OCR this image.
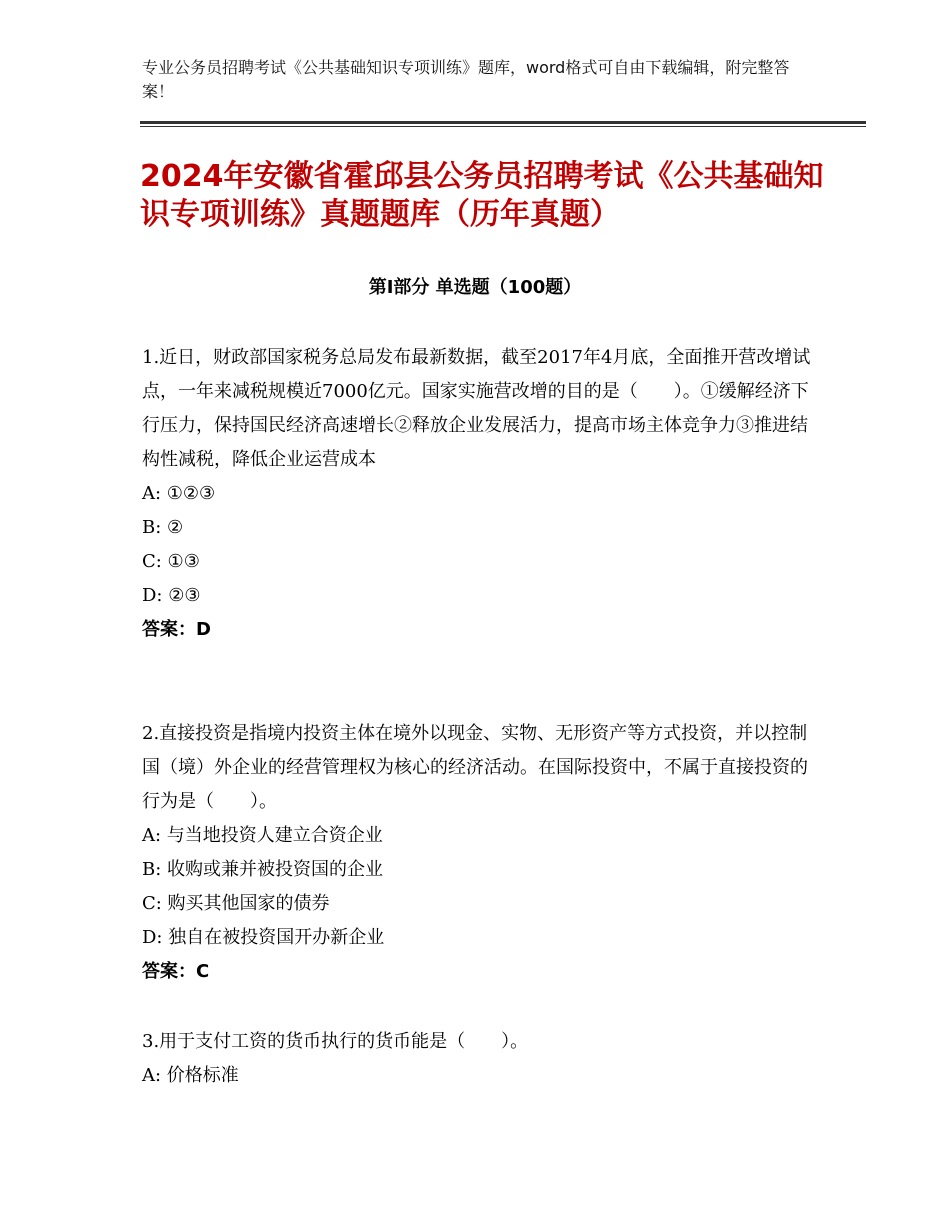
专业公务员招聘考试《公共基础知识专项训练》题库，word格式可自由下载编辑，附完整答案！
2024年安徽省霍邱县公务员招聘考试《公共基础知识专项训练》真题题库（历年真题）
第Ⅰ部分 单选题（100题）

1.近日，财政部国家税务总局发布最新数据，截至2017年4月底，全面推开营改增试点，一年来减税规模近7000亿元。国家实施营改增的目的是（　　）。①缓解经济下行压力，保持国民经济高速增长②释放企业发展活力，提高市场主体竞争力③推进结构性减税，降低企业运营成本

A: ①②③

B: ②

C: ①③

D: ②③

答案：D

2.直接投资是指境内投资主体在境外以现金、实物、无形资产等方式投资，并以控制国（境）外企业的经营管理权为核心的经济活动。在国际投资中，不属于直接投资的行为是（　　）。

A: 与当地投资人建立合资企业

B: 收购或兼并被投资国的企业

C: 购买其他国家的债券

D: 独自在被投资国开办新企业

答案：C

3.用于支付工资的货币执行的货币能是（　　）。

A: 价格标准
